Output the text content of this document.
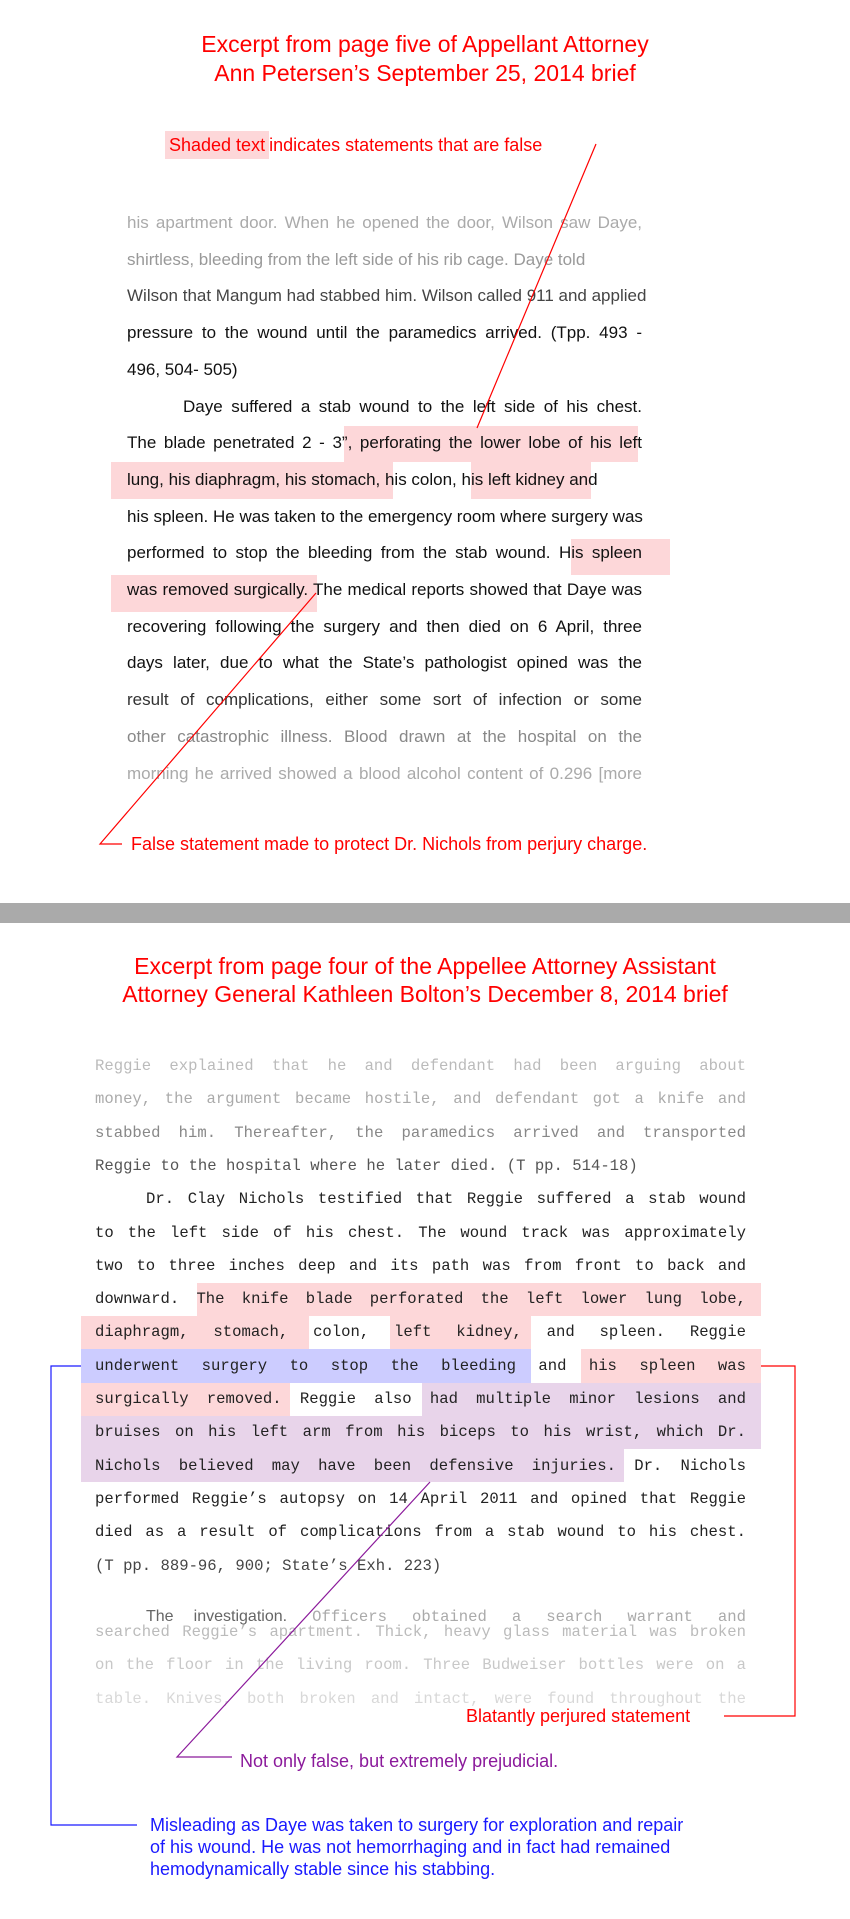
Excerpt from page five of Appellant Attorney
Ann Petersen’s September 25, 2014 brief
Shaded text indicates statements that are false
his apartment door. When he opened the door, Wilson saw Daye,
shirtless, bleeding from the left side of his rib cage. Daye told
Wilson that Mangum had stabbed him. Wilson called 911 and applied
pressure to the wound until the paramedics arrived. (Tpp. 493 -
496, 504- 505)
Daye suffered a stab wound to the left side of his chest.
The blade penetrated 2 - 3”, perforating the lower lobe of his left
lung, his diaphragm, his stomach, his colon, his left kidney and
his spleen. He was taken to the emergency room where surgery was
performed to stop the bleeding from the stab wound. His spleen
was removed surgically. The medical reports showed that Daye was
recovering following the surgery and then died on 6 April, three
days later, due to what the State’s pathologist opined was the
result of complications, either some sort of infection or some
other catastrophic illness. Blood drawn at the hospital on the
morning he arrived showed a blood alcohol content of 0.296 [more
False statement made to protect Dr. Nichols from perjury charge.
Excerpt from page four of the Appellee Attorney Assistant
Attorney General Kathleen Bolton’s December 8, 2014 brief
Reggie explained that he and defendant had been arguing about
money, the argument became hostile, and defendant got a knife and
stabbed him. Thereafter, the paramedics arrived and transported
Reggie to the hospital where he later died. (T pp. 514-18)
Dr. Clay Nichols testified that Reggie suffered a stab wound
to the left side of his chest. The wound track was approximately
two to three inches deep and its path was from front to back and
downward. The knife blade perforated the left lower lung lobe,
diaphragm, stomach, colon, left kidney, and spleen. Reggie
underwent surgery to stop the bleeding and his spleen was
surgically removed. Reggie also had multiple minor lesions and
bruises on his left arm from his biceps to his wrist, which Dr.
Nichols believed may have been defensive injuries. Dr. Nichols
performed Reggie’s autopsy on 14 April 2011 and opined that Reggie
died as a result of complications from a stab wound to his chest.
(T pp. 889-96, 900; State’s Exh. 223)
searched Reggie’s apartment. Thick, heavy glass material was broken
on the floor in the living room. Three Budweiser bottles were on a
table. Knives, both broken and intact, were found throughout the
The investigation. Officers obtained a search warrant and
Blatantly perjured statement
Not only false, but extremely prejudicial.
Misleading as Daye was taken to surgery for exploration and repair
of his wound. He was not hemorrhaging and in fact had remained
hemodynamically stable since his stabbing.
